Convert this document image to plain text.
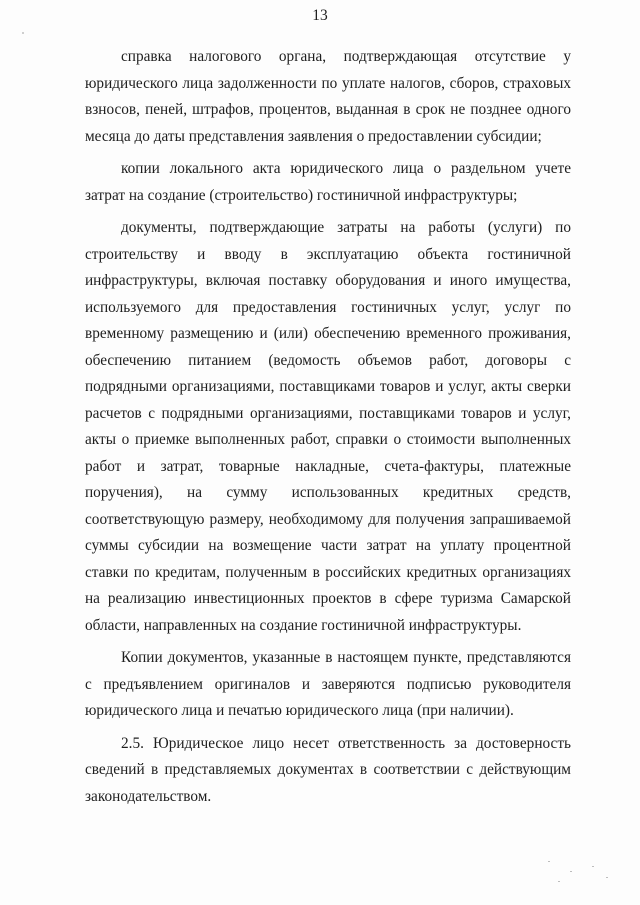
13

справка налогового органа, подтверждающая отсутствие у юридического лица задолженности по уплате налогов, сборов, страховых взносов, пеней, штрафов, процентов, выданная в срок не позднее одного месяца до даты представления заявления о предоставлении субсидии;

копии локального акта юридического лица о раздельном учете затрат на создание (строительство) гостиничной инфраструктуры;

документы, подтверждающие затраты на работы (услуги) по строительству и вводу в эксплуатацию объекта гостиничной инфраструктуры, включая поставку оборудования и иного имущества, используемого для предоставления гостиничных услуг, услуг по временному размещению и (или) обеспечению временного проживания, обеспечению питанием (ведомость объемов работ, договоры с подрядными организациями, поставщиками товаров и услуг, акты сверки расчетов с подрядными организациями, поставщиками товаров и услуг, акты о приемке выполненных работ, справки о стоимости выполненных работ и затрат, товарные накладные, счета-фактуры, платежные поручения), на сумму использованных кредитных средств, соответствующую размеру, необходимому для получения запрашиваемой суммы субсидии на возмещение части затрат на уплату процентной ставки по кредитам, полученным в российских кредитных организациях на реализацию инвестиционных проектов в сфере туризма Самарской области, направленных на создание гостиничной инфраструктуры.

Копии документов, указанные в настоящем пункте, представляются с предъявлением оригиналов и заверяются подписью руководителя юридического лица и печатью юридического лица (при наличии).

2.5. Юридическое лицо несет ответственность за достоверность сведений в представляемых документах в соответствии с действующим законодательством.
